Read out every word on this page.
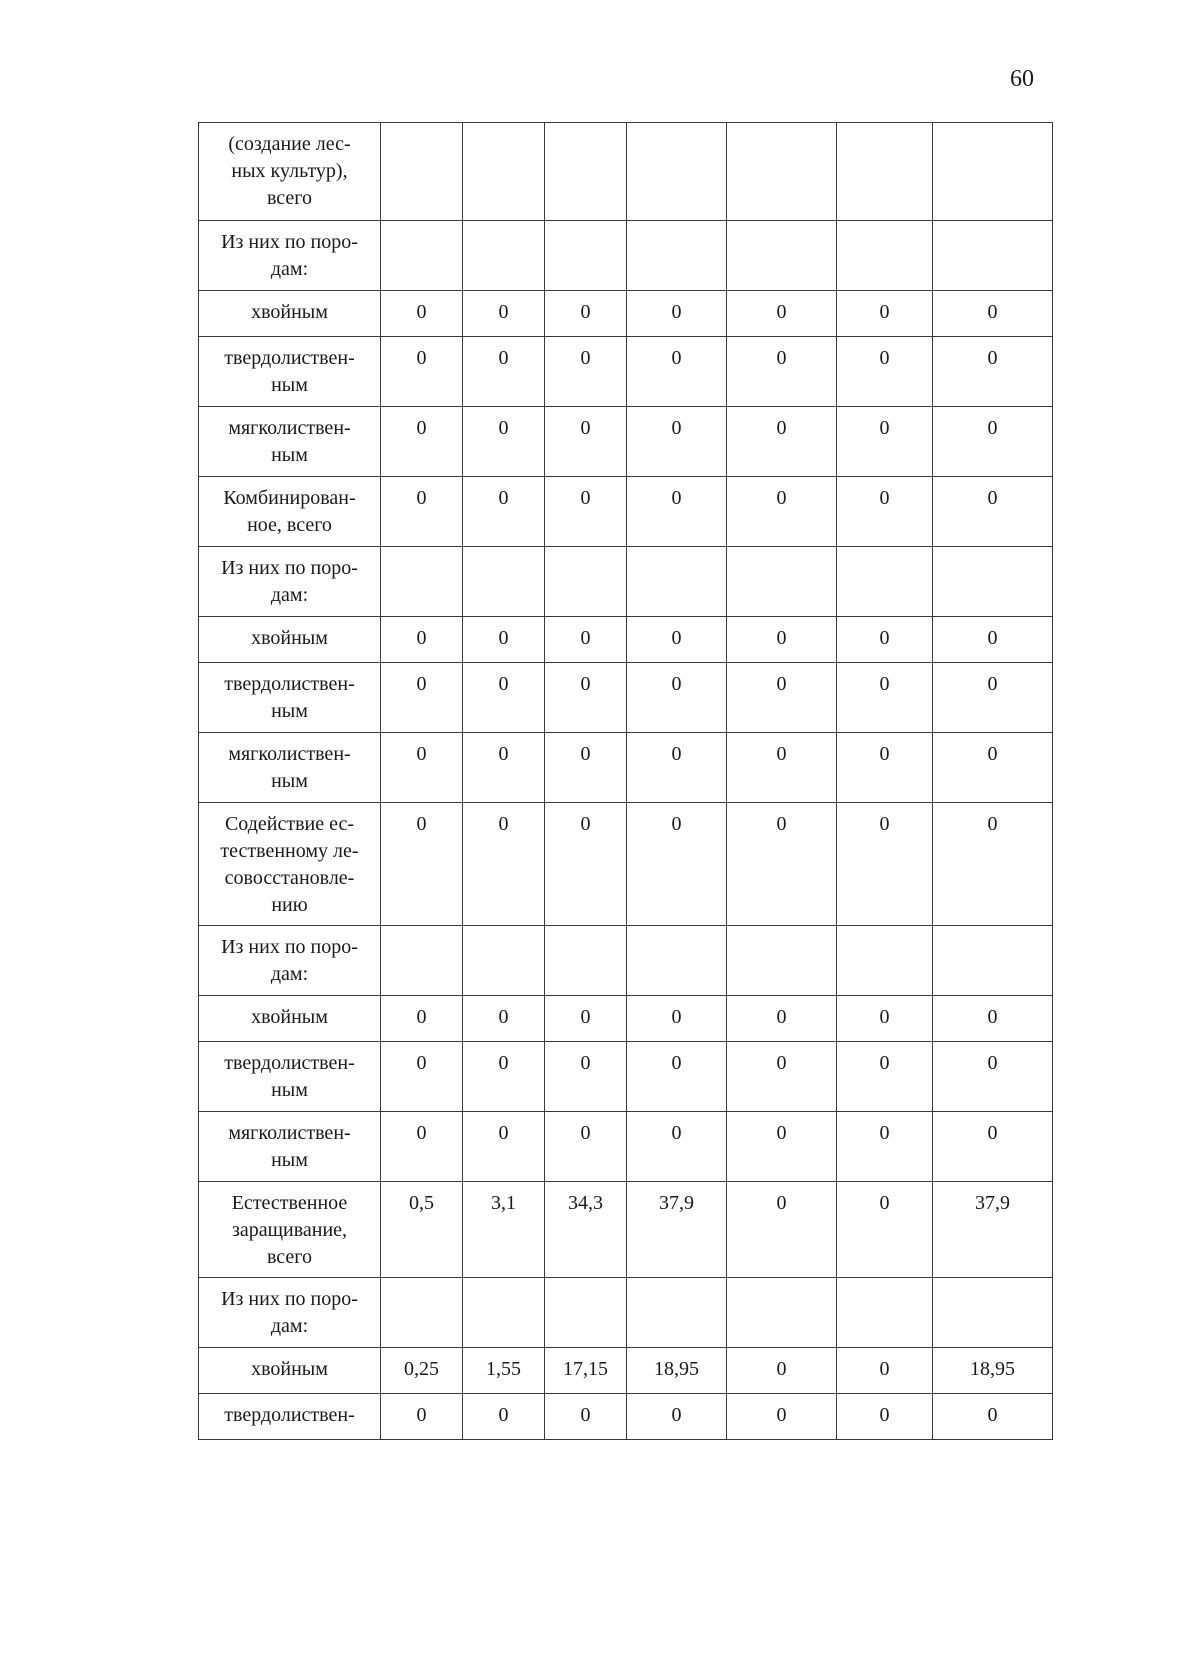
60
(создание лес-
ных культур),
всего							

Из них по поро-
дам:							

хвойным	0	0	0	0	0	0	0

твердолиствен-
ным	0	0	0	0	0	0	0

мягколиствен-
ным	0	0	0	0	0	0	0

Комбинирован-
ное, всего	0	0	0	0	0	0	0

Из них по поро-
дам:							

хвойным	0	0	0	0	0	0	0

твердолиствен-
ным	0	0	0	0	0	0	0

мягколиствен-
ным	0	0	0	0	0	0	0

Содействие ес-
тественному ле-
совосстановле-
нию	0	0	0	0	0	0	0

Из них по поро-
дам:							

хвойным	0	0	0	0	0	0	0

твердолиствен-
ным	0	0	0	0	0	0	0

мягколиствен-
ным	0	0	0	0	0	0	0

Естественное
заращивание,
всего	0,5	3,1	34,3	37,9	0	0	37,9

Из них по поро-
дам:							

хвойным	0,25	1,55	17,15	18,95	0	0	18,95

твердолиствен-	0	0	0	0	0	0	0
